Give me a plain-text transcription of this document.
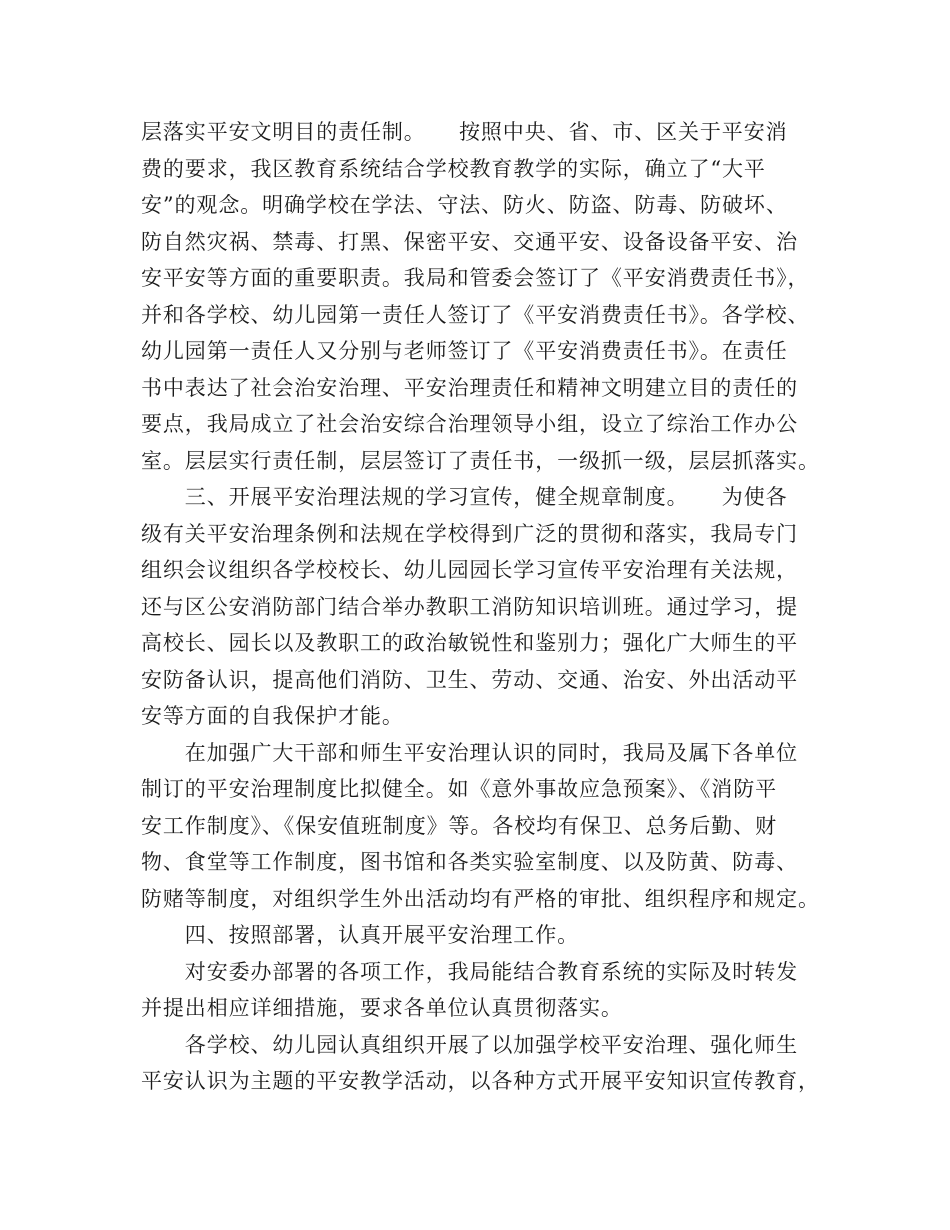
层落实平安文明目的责任制。　　按照中央、省、市、区关于平安消
费的要求，我区教育系统结合学校教育教学的实际，确立了“大平
安”的观念。明确学校在学法、守法、防火、防盗、防毒、防破坏、
防自然灾祸、禁毒、打黑、保密平安、交通平安、设备设备平安、治
安平安等方面的重要职责。我局和管委会签订了《平安消费责任书》，
并和各学校、幼儿园第一责任人签订了《平安消费责任书》。各学校、
幼儿园第一责任人又分别与老师签订了《平安消费责任书》。在责任
书中表达了社会治安治理、平安治理责任和精神文明建立目的责任的
要点，我局成立了社会治安综合治理领导小组，设立了综治工作办公
室。层层实行责任制，层层签订了责任书，一级抓一级，层层抓落实。
　　三、开展平安治理法规的学习宣传，健全规章制度。　　为使各
级有关平安治理条例和法规在学校得到广泛的贯彻和落实，我局专门
组织会议组织各学校校长、幼儿园园长学习宣传平安治理有关法规，
还与区公安消防部门结合举办教职工消防知识培训班。通过学习，提
高校长、园长以及教职工的政治敏锐性和鉴别力；强化广大师生的平
安防备认识，提高他们消防、卫生、劳动、交通、治安、外出活动平
安等方面的自我保护才能。
　　在加强广大干部和师生平安治理认识的同时，我局及属下各单位
制订的平安治理制度比拟健全。如《意外事故应急预案》、《消防平
安工作制度》、《保安值班制度》等。各校均有保卫、总务后勤、财
物、食堂等工作制度，图书馆和各类实验室制度、以及防黄、防毒、
防赌等制度，对组织学生外出活动均有严格的审批、组织程序和规定。
　　四、按照部署，认真开展平安治理工作。
　　对安委办部署的各项工作，我局能结合教育系统的实际及时转发
并提出相应详细措施，要求各单位认真贯彻落实。
　　各学校、幼儿园认真组织开展了以加强学校平安治理、强化师生
平安认识为主题的平安教学活动，以各种方式开展平安知识宣传教育，
